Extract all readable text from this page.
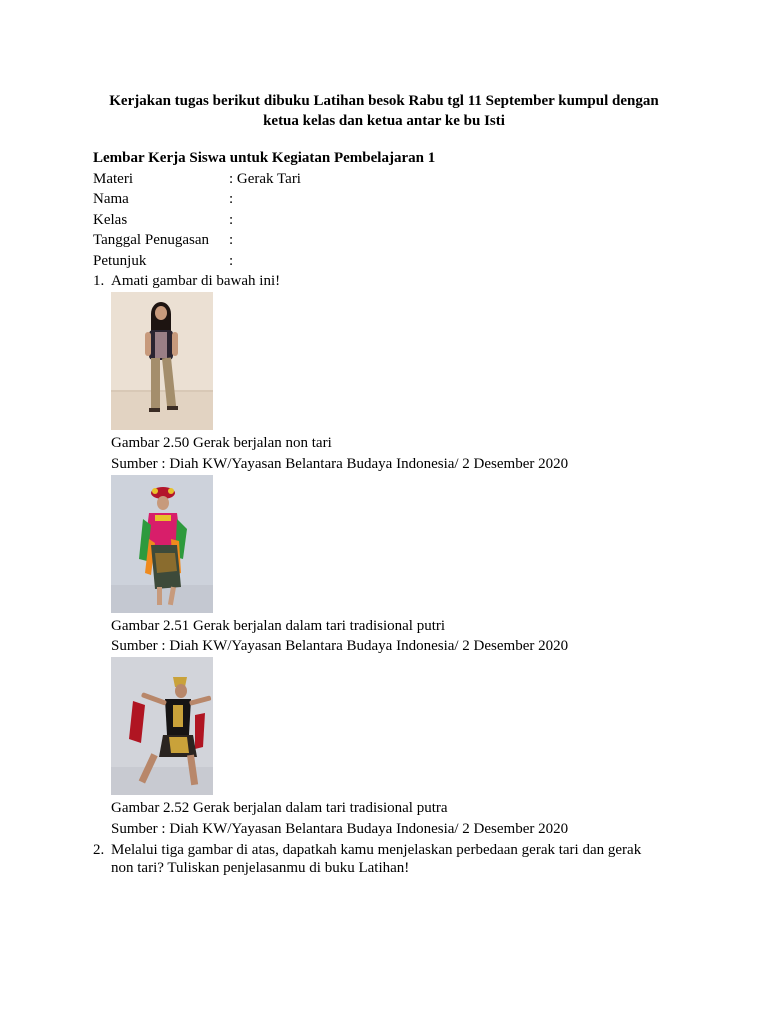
Kerjakan tugas berikut dibuku Latihan besok Rabu tgl 11 September kumpul dengan
ketua kelas dan ketua antar ke bu Isti
Lembar Kerja Siswa untuk Kegiatan Pembelajaran 1
Materi	: Gerak Tari
Nama	:
Kelas	:
Tanggal Penugasan :
Petunjuk	:
1. Amati gambar di bawah ini!
Gambar 2.50 Gerak berjalan non tari
Sumber : Diah KW/Yayasan Belantara Budaya Indonesia/ 2 Desember 2020
Gambar 2.51 Gerak berjalan dalam tari tradisional putri
Sumber : Diah KW/Yayasan Belantara Budaya Indonesia/ 2 Desember 2020
Gambar 2.52 Gerak berjalan dalam tari tradisional putra
Sumber : Diah KW/Yayasan Belantara Budaya Indonesia/ 2 Desember 2020
2. Melalui tiga gambar di atas, dapatkah kamu menjelaskan perbedaan gerak tari dan gerak
non tari? Tuliskan penjelasanmu di buku Latihan!
